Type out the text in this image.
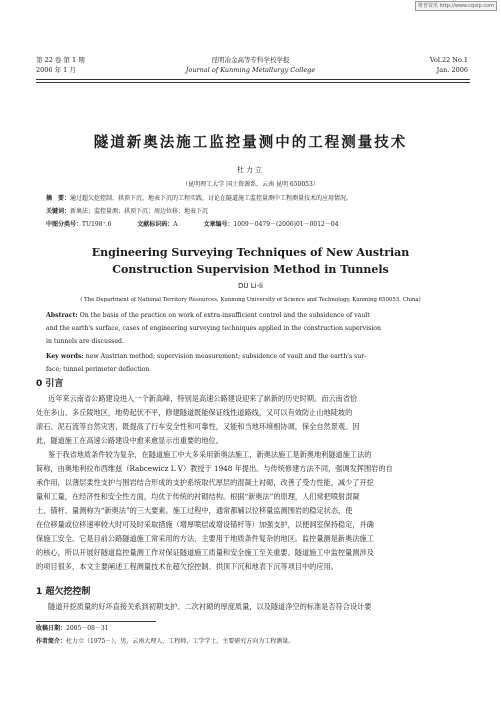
维普资讯 http://www.cqvip.com
第 22 卷 第 1 期
2006 年 1 月
昆明冶金高等专科学校学报
Journal of Kunming Metallurgy College
Vol.22 No.1
Jan. 2006
隧道新奥法施工监控量测中的工程测量技术
杜力立
（昆明理工大学 国土资源系，云南 昆明 650053）
摘　要：通过超欠挖控制、拱顶下沉、地表下沉的工程实践，讨论在隧道施工监控量测中工程测量技术的应用情况。
关键词：新奥法；监控量测；拱顶下沉；周边位移；地表下沉
中图分类号：TU198⁺.6	文献标识码：A	文章编号：1009－0479－(2006)01－0012－04
Engineering Surveying Techniques of New Austrian
Construction Supervision Method in Tunnels
DU Li-li
( The Department of National Territory Resources, Kunming University of Science and Technology, Kunming 650053, China)
Abstract: On the basis of the practice on work of extra-insufficient control and the subsidence of vault
and the earth's surface, cases of engineering surveying techniques applied in the construction supervision
in tunnels are discussed.
Key words: new Austrian method; supervision measurement; subsidence of vault and the earth's sur-
face; tunnel perimeter deflection
0 引言
近年来云南省公路建设进入一个新高峰，特别是高速公路建设迎来了崭新的历史时期。而云南省恰
处在多山、多丘陵地区，地势起伏不平，修建隧道既能保证线性道路线，又可以有效防止山地陡坡的
滚石、泥石流等自然灾害，既提高了行车安全性和可靠性，又能和当地环境相协调，保全自然景观。因
此，隧道施工在高速公路建设中愈来愈显示出重要的地位。
鉴于我省地质条件较为复杂，在隧道施工中大多采用新奥法施工，新奥法施工是新奥地利隧道施工法的
简称，由奥地利拉布西维兹（Rabcewicz L V）教授于 1948 年提出。与传统修建方法不同，强调发挥围岩的自
承作用，以薄层柔性支护与围岩结合形成的支护系统取代厚层的混凝土衬砌，改善了受力性能，减少了开挖
量和工量，在经济性和安全性方面，均优于传统的衬砌结构。根据“新奥法”的原理，人们常把喷射混凝
土、锚杆、量测称为“新奥法”的三大要素。施工过程中，通常都辅以位移量监测围岩的稳定状态，使
在位移量或位移速率较大时可及时采取措施（增厚喷层或增设锚杆等）加强支护，以便洞室保持稳定，并确
保施工安全。它是目前公路隧道施工常采用的方法，主要用于地质条件复杂的地区。监控量测是新奥法施工
的核心，所以开展好隧道监控量测工作对保证隧道施工质量和安全施工至关重要。隧道施工中监控量测涉及
的项目很多，本文主要阐述工程测量技术在超欠挖控制、拱顶下沉和地表下沉等项目中的应用。
1 超欠挖控制
隧道开挖质量的好坏直接关系到初期支护、二次衬砌的厚度质量，以及隧道净空的标准是否符合设计要
收稿日期：2005－08－31
作者简介：杜力立（1975－），男，云南大理人，工程师，工学学士，主要研究方向为工程测量。
